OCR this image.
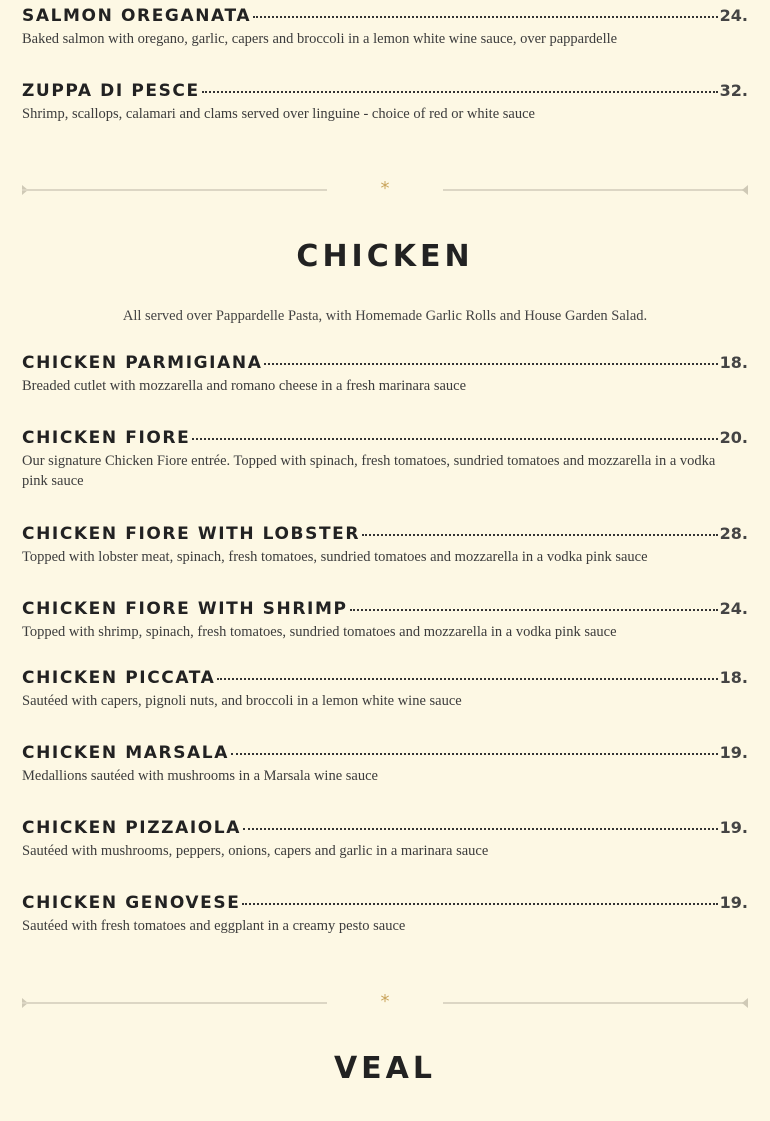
SALMON OREGANATA	24.
Baked salmon with oregano, garlic, capers and broccoli in a lemon white wine sauce, over pappardelle
ZUPPA DI PESCE	32.
Shrimp, scallops, calamari and clams served over linguine - choice of red or white sauce
*
CHICKEN
All served over Pappardelle Pasta, with Homemade Garlic Rolls and House Garden Salad.
CHICKEN PARMIGIANA	18.
Breaded cutlet with mozzarella and romano cheese in a fresh marinara sauce
CHICKEN FIORE	20.
Our signature Chicken Fiore entrée. Topped with spinach, fresh tomatoes, sundried tomatoes and mozzarella in a vodka pink sauce
CHICKEN FIORE WITH LOBSTER	28.
Topped with lobster meat, spinach, fresh tomatoes, sundried tomatoes and mozzarella in a vodka pink sauce
CHICKEN FIORE WITH SHRIMP	24.
Topped with shrimp, spinach, fresh tomatoes, sundried tomatoes and mozzarella in a vodka pink sauce
CHICKEN PICCATA	18.
Sautéed with capers, pignoli nuts, and broccoli in a lemon white wine sauce
CHICKEN MARSALA	19.
Medallions sautéed with mushrooms in a Marsala wine sauce
CHICKEN PIZZAIOLA	19.
Sautéed with mushrooms, peppers, onions, capers and garlic in a marinara sauce
CHICKEN GENOVESE	19.
Sautéed with fresh tomatoes and eggplant in a creamy pesto sauce
*
VEAL
